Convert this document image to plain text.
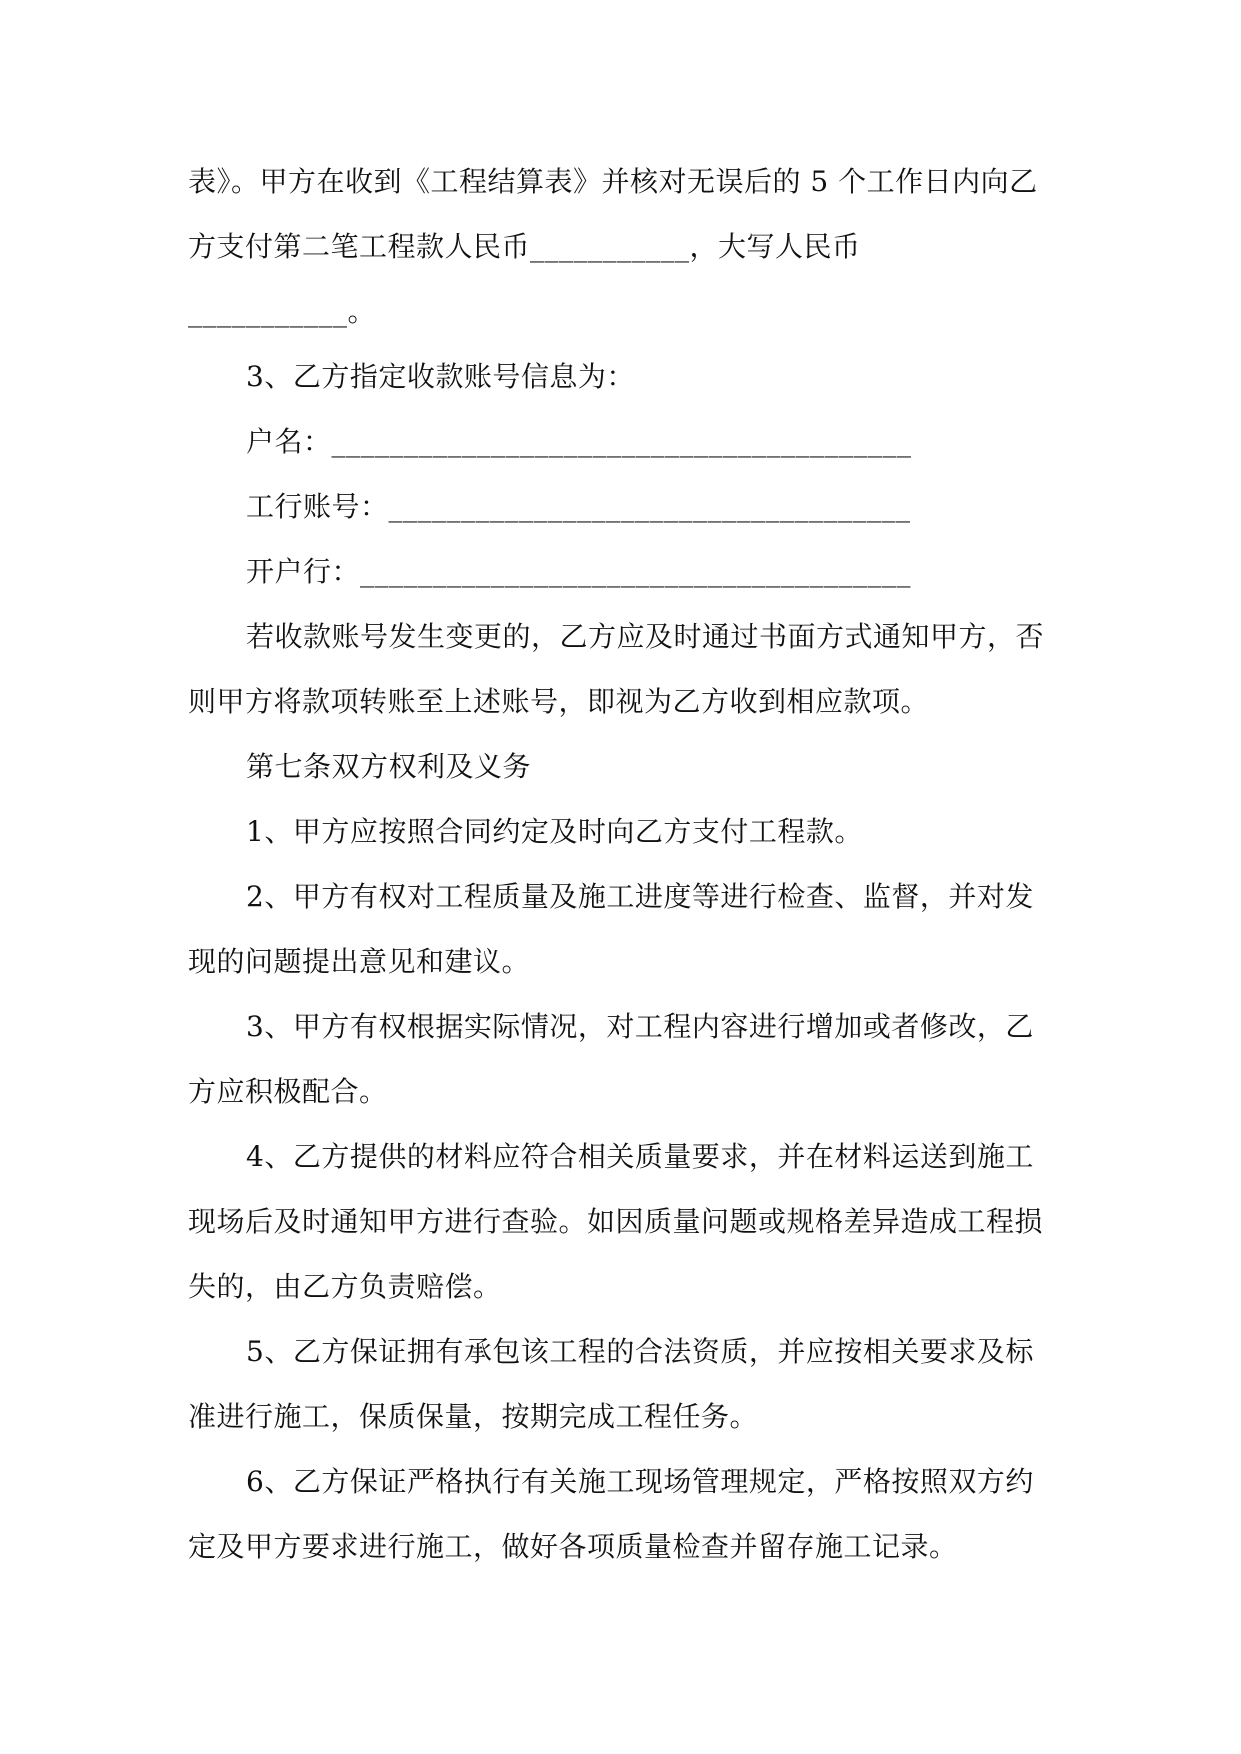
表》。甲方在收到《工程结算表》并核对无误后的 5 个工作日内向乙
方支付第二笔工程款人民币___________，大写人民币
___________。
3、乙方指定收款账号信息为：
户名：________________________________________
工行账号：____________________________________
开户行：______________________________________
若收款账号发生变更的，乙方应及时通过书面方式通知甲方，否
则甲方将款项转账至上述账号，即视为乙方收到相应款项。
第七条双方权利及义务
1、甲方应按照合同约定及时向乙方支付工程款。
2、甲方有权对工程质量及施工进度等进行检查、监督，并对发
现的问题提出意见和建议。
3、甲方有权根据实际情况，对工程内容进行增加或者修改，乙
方应积极配合。
4、乙方提供的材料应符合相关质量要求，并在材料运送到施工
现场后及时通知甲方进行查验。如因质量问题或规格差异造成工程损
失的，由乙方负责赔偿。
5、乙方保证拥有承包该工程的合法资质，并应按相关要求及标
准进行施工，保质保量，按期完成工程任务。
6、乙方保证严格执行有关施工现场管理规定，严格按照双方约
定及甲方要求进行施工，做好各项质量检查并留存施工记录。
